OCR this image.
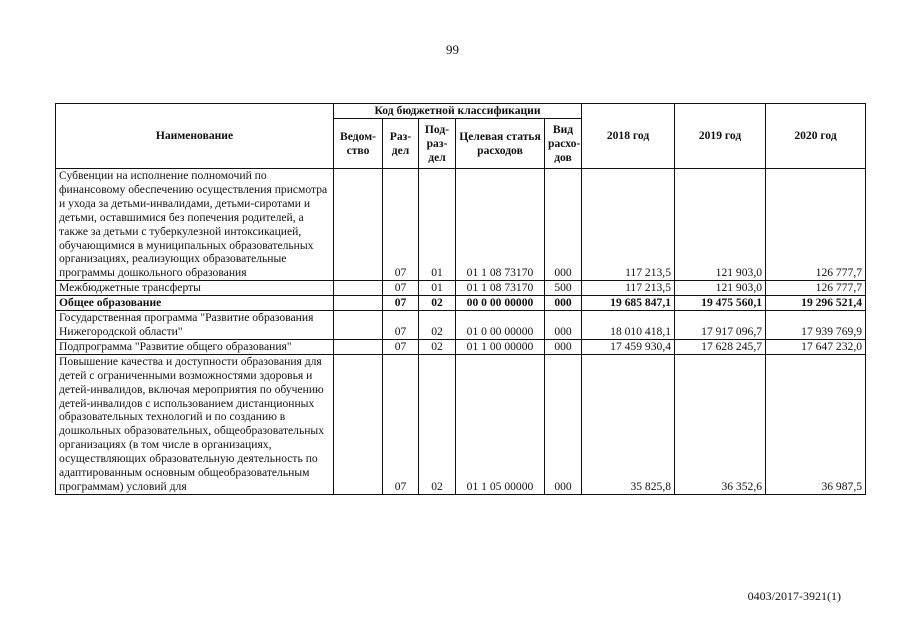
99
Наименование	Код бюджетной классификации					2018 год	2019 год	2020 год
	Ведом-ство	Раз-дел	Под-раз-дел	Целевая статья расходов	Вид расхо-дов			
Субвенции на исполнение полномочий по финансовому обеспечению осуществления присмотра и ухода за детьми-инвалидами, детьми-сиротами и детьми, оставшимися без попечения родителей, а также за детьми с туберкулезной интоксикацией, обучающимися в муниципальных образовательных организациях, реализующих образовательные программы дошкольного образования		07	01	01 1 08 73170	000	117 213,5	121 903,0	126 777,7
Межбюджетные трансферты		07	01	01 1 08 73170	500	117 213,5	121 903,0	126 777,7
Общее образование		07	02	00 0 00 00000	000	19 685 847,1	19 475 560,1	19 296 521,4
Государственная программа "Развитие образования Нижегородской области"		07	02	01 0 00 00000	000	18 010 418,1	17 917 096,7	17 939 769,9
Подпрограмма "Развитие общего образования"		07	02	01 1 00 00000	000	17 459 930,4	17 628 245,7	17 647 232,0
Повышение качества и доступности образования для детей с ограниченными возможностями здоровья и детей-инвалидов, включая мероприятия по обучению детей-инвалидов с использованием дистанционных образовательных технологий и по созданию в дошкольных образовательных, общеобразовательных организациях (в том числе в организациях, осуществляющих образовательную деятельность по адаптированным основным общеобразовательным программам) условий для		07	02	01 1 05 00000	000	35 825,8	36 352,6	36 987,5
0403/2017-3921(1)
